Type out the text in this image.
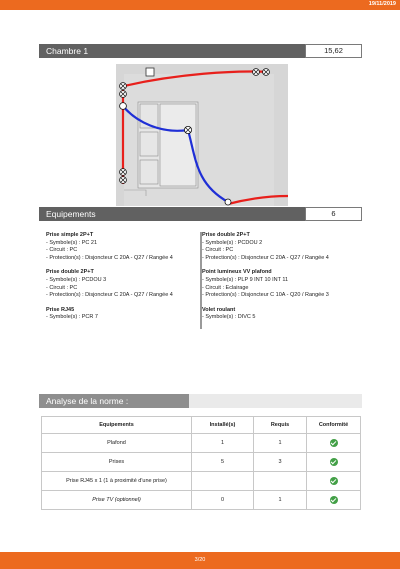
19/11/2019
Chambre 1	15,62
Equipements	6
Prise simple 2P+T
- Symbole(s) : PC 21
- Circuit : PC
- Protection(s) : Disjoncteur C 20A - Q27 / Rangée 4
Prise double 2P+T
- Symbole(s) : PCDOU 3
- Circuit : PC
- Protection(s) : Disjoncteur C 20A - Q27 / Rangée 4
Prise RJ45
- Symbole(s) : PCR 7
Prise double 2P+T
- Symbole(s) : PCDOU 2
- Circuit : PC
- Protection(s) : Disjoncteur C 20A - Q27 / Rangée 4
Point lumineux VV plafond
- Symbole(s) : PLP 9 INT 10 INT 11
- Circuit : Eclairage
- Protection(s) : Disjoncteur C 10A - Q20 / Rangée 3
Volet roulant
- Symbole(s) : DIVC 5
Analyse de la norme :
Equipements	Installé(s)	Requis	Conformité
Plafond	1	1	
Prises	5	3	
Prise RJ45 x 1 (1 à proximité d'une prise)			
Prise TV (optionnel)	0	1	
3/20
